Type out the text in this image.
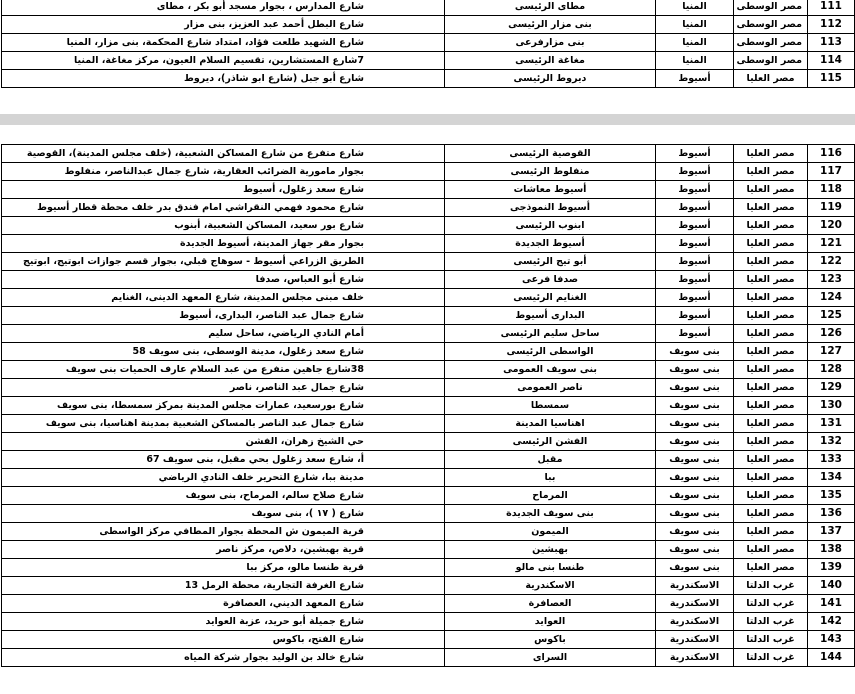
شارع المدارس ، بجوار مسجد أبو بكر ، مطاى	مطاى الرئيسى	المنيا	مصر الوسطى	111
شارع البطل أحمد عبد العزيز، بنى مزار	بنى مزار الرئيسى	المنيا	مصر الوسطى	112
شارع الشهيد طلعت فؤاد، امتداد شارع المحكمة، بنى مزار، المنيا	بنى مزارفرعى	المنيا	مصر الوسطى	113
7شارع المستشارين، تقسيم السلام العيون، مركز مغاغة، المنيا	مغاغة الرئيسى	المنيا	مصر الوسطى	114
شارع أبو جبل (شارع ابو شاذر)، ديروط	ديروط الرئيسى	أسيوط	مصر العليا	115
شارع متفرع من شارع المساكن الشعبية، (خلف مجلس المدينة)، القوصية	القوصية الرئيسى	أسيوط	مصر العليا	116
بجوار مامورية الضرائب العقارية، شارع جمال عبدالناصر، منفلوط	منفلوط الرئيسى	أسيوط	مصر العليا	117
شارع سعد زغلول، أسيوط	أسيوط معاشات	أسيوط	مصر العليا	118
شارع محمود فهمي النقراشي امام فندق بدر خلف محطة قطار أسيوط	أسيوط النموذجى	أسيوط	مصر العليا	119
شارع بور سعيد، المساكن الشعبية، أبنوب	ابنوب الرئيسى	أسيوط	مصر العليا	120
بجوار مقر جهاز المدينة، أسيوط الجديدة	أسيوط الجديدة	أسيوط	مصر العليا	121
الطريق الزراعي أسيوط - سوهاج قبلي، بجوار قسم جوازات ابوتيج، ابوتيج	أبو تيج الرئيسى	أسيوط	مصر العليا	122
شارع أبو العباس، صدفا	صدفا فرعى	أسيوط	مصر العليا	123
خلف مبنى مجلس المدينة، شارع المعهد الدينى، الغنايم	الغنايم الرئيسى	أسيوط	مصر العليا	124
شارع جمال عبد الناصر، البدارى، أسيوط	البدارى أسيوط	أسيوط	مصر العليا	125
أمام النادي الرياضي، ساحل سليم	ساحل سليم الرئيسى	أسيوط	مصر العليا	126
شارع سعد زغلول، مدينة الوسطى، بنى سويف 58	الواسطى الرئيسى	بنى سويف	مصر العليا	127
38شارع جاهين متفرع من عبد السلام عارف الحميات بنى سويف	بنى سويف العمومى	بنى سويف	مصر العليا	128
شارع جمال عبد الناصر، ناصر	ناصر العمومى	بنى سويف	مصر العليا	129
شارع بورسعيد، عمارات مجلس المدينة بمركز سمسطا، بنى سويف	سمسطا	بنى سويف	مصر العليا	130
شارع جمال عبد الناصر بالمساكن الشعبية بمدينة اهناسيا، بنى سويف	اهناسيا المدينة	بنى سويف	مصر العليا	131
حي الشيخ زهران، الفشن	الفشن الرئيسى	بنى سويف	مصر العليا	132
أ، شارع سعد زغلول بحي مقبل، بنى سويف 67	مقبل	بنى سويف	مصر العليا	133
مدينة ببا، شارع التحرير خلف النادي الرياضي	ببا	بنى سويف	مصر العليا	134
شارع صلاح سالم، المرماح، بنى سويف	المرماح	بنى سويف	مصر العليا	135
شارع ( ١٧ )، بنى سويف	بنى سويف الجديدة	بنى سويف	مصر العليا	136
قرية الميمون ش المحطة بجوار المطافي مركز الواسطى	الميمون	بنى سويف	مصر العليا	137
قرية بهبشين، دلاص، مركز ناصر	بهبشين	بنى سويف	مصر العليا	138
قرية طنسا مالو، مركز ببا	طنسا بنى مالو	بنى سويف	مصر العليا	139
شارع الغرفة التجارية، محطة الرمل 13	الاسكندرية	الاسكندرية	غرب الدلتا	140
شارع المعهد الديني، العصافرة	العصافرة	الاسكندرية	غرب الدلتا	141
شارع جميلة أبو حريد، عزبة العوايد	العوايد	الاسكندرية	غرب الدلتا	142
شارع الفتح، باكوس	باكوس	الاسكندرية	غرب الدلتا	143
شارع خالد بن الوليد بجوار شركة المياه	السراى	الاسكندرية	غرب الدلتا	144
